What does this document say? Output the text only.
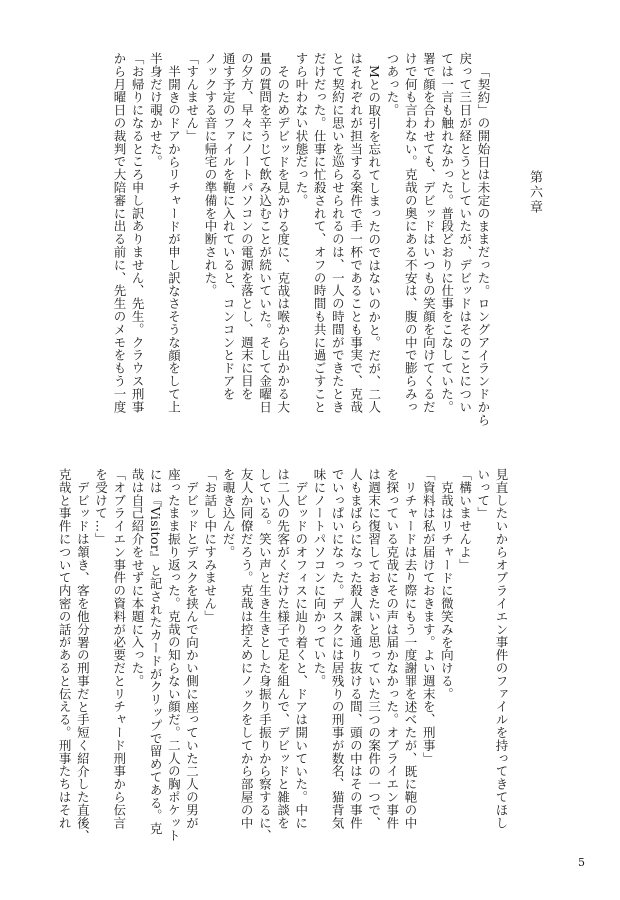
第六章

「契約」の開始日は未定のままだった。ロングアイランドから

戻って三日が経とうとしていたが、デビッドはそのことについ

ては一言も触れなかった。普段どおりに仕事をこなしていた。

署で顔を合わせても、デビッドはいつもの笑顔を向けてくるだ

けで何も言わない。克哉の奥にある不安は、腹の中で膨らみっ

つあった。

Mとの取引を忘れてしまったのではないのかと。だが、二人

はそれぞれが担当する案件で手一杯であることも事実で、克哉

とて契約に思いを巡らせられるのは、一人の時間ができたとき

だけだった。仕事に忙殺されて、オフの時間も共に過ごすこと

すら叶わない状態だった。

そのためデビッドを見かける度に、克哉は喉から出かかる大

量の質問を辛うじて飲み込むことが続いていた。そして金曜日

の夕方、早々にノートパソコンの電源を落とし、週末に目を

通す予定のファイルを鞄に入れていると、コンコンとドアを

ノックする音に帰宅の準備を中断された。

「すんません」

半開きのドアからリチャードが申し訳なさそうな顔をして上

半身だけ覗かせた。

「お帰りになるところ申し訳ありません、先生。クラウス刑事

から月曜日の裁判で大陪審に出る前に、先生のメモをもう一度

見直したいからオブライエン事件のファイルを持ってきてほし

いって」

「構いませんよ」

克哉はリチャードに微笑みを向ける。

「資料は私が届けておきます。よい週末を、刑事」

リチャードは去り際にもう一度謝罪を述べたが、既に鞄の中

を探っている克哉にその声は届かなかった。オブライエン事件

は週末に復習しておきたいと思っていた三つの案件の一つで、

人もまばらになった殺人課を通り抜ける間、頭の中はその事件

でいっぱいになった。デスクには居残りの刑事が数名、猫背気

味にノートパソコンに向かっていた。

デビッドのオフィスに辿り着くと、ドアは開いていた。中に

は二人の先客がくだけた様子で足を組んで、デビッドと雑談を

している。笑い声と生き生きとした身振り手振りから察するに、

友人か同僚だろう。克哉は控えめにノックをしてから部屋の中

を覗き込んだ。

「お話し中にすみません」

デビッドとデスクを挟んで向かい側に座っていた二人の男が

座ったまま振り返った。克哉の知らない顔だ。二人の胸ポケット

には『Visitor』と記されたカードがクリップで留めてある。克

哉は自己紹介をせずに本題に入った。

「オブライエン事件の資料が必要だとリチャード刑事から伝言

を受けて…」

デビッドは頷き、客を他分署の刑事だと手短く紹介した直後、

克哉と事件について内密の話があると伝える。刑事たちはそれ

5
